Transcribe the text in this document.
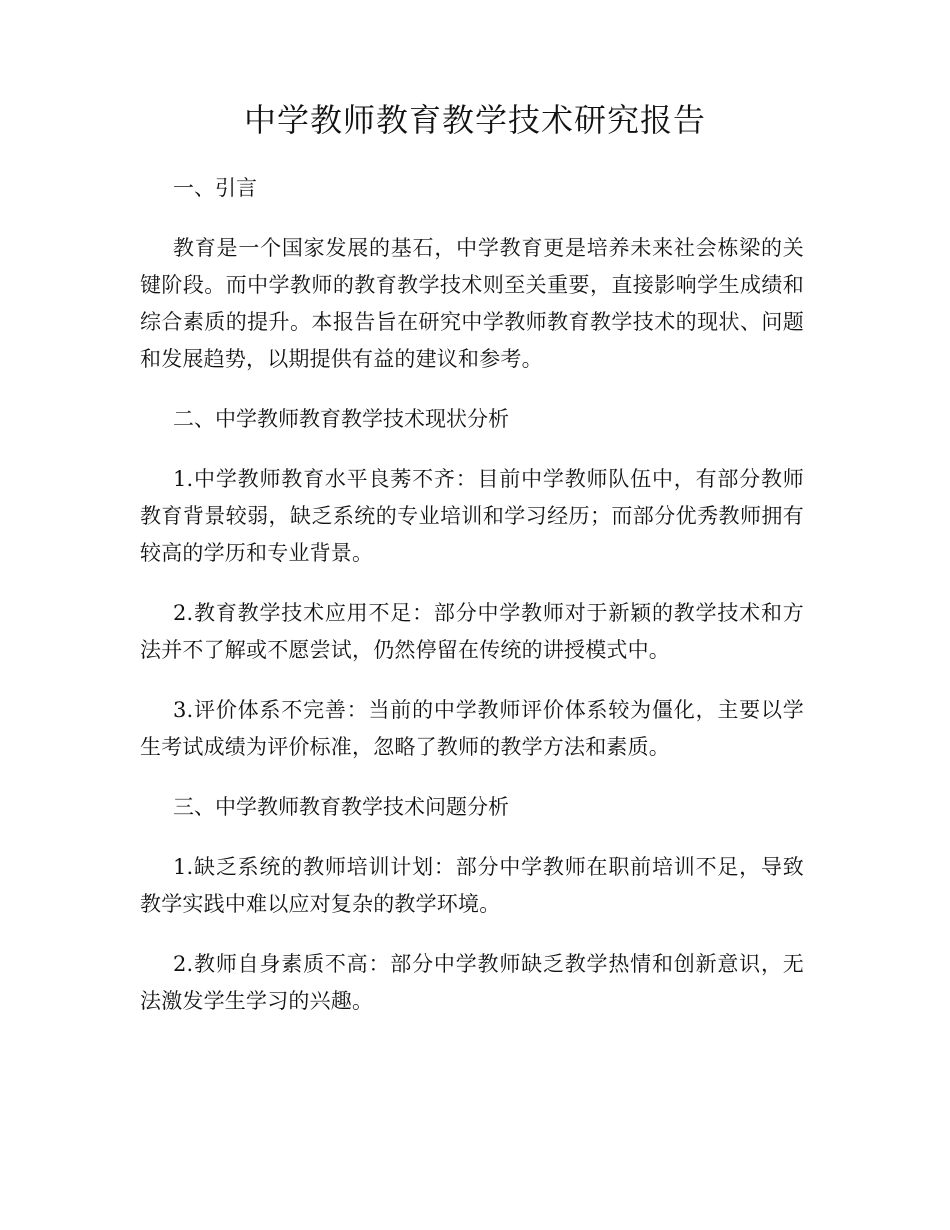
中学教师教育教学技术研究报告

一、引言

教育是一个国家发展的基石，中学教育更是培养未来社会栋梁的关键阶段。而中学教师的教育教学技术则至关重要，直接影响学生成绩和综合素质的提升。本报告旨在研究中学教师教育教学技术的现状、问题和发展趋势，以期提供有益的建议和参考。

二、中学教师教育教学技术现状分析

1.中学教师教育水平良莠不齐：目前中学教师队伍中，有部分教师教育背景较弱，缺乏系统的专业培训和学习经历；而部分优秀教师拥有较高的学历和专业背景。

2.教育教学技术应用不足：部分中学教师对于新颖的教学技术和方法并不了解或不愿尝试，仍然停留在传统的讲授模式中。

3.评价体系不完善：当前的中学教师评价体系较为僵化，主要以学生考试成绩为评价标准，忽略了教师的教学方法和素质。

三、中学教师教育教学技术问题分析

1.缺乏系统的教师培训计划：部分中学教师在职前培训不足，导致教学实践中难以应对复杂的教学环境。

2.教师自身素质不高：部分中学教师缺乏教学热情和创新意识，无法激发学生学习的兴趣。
